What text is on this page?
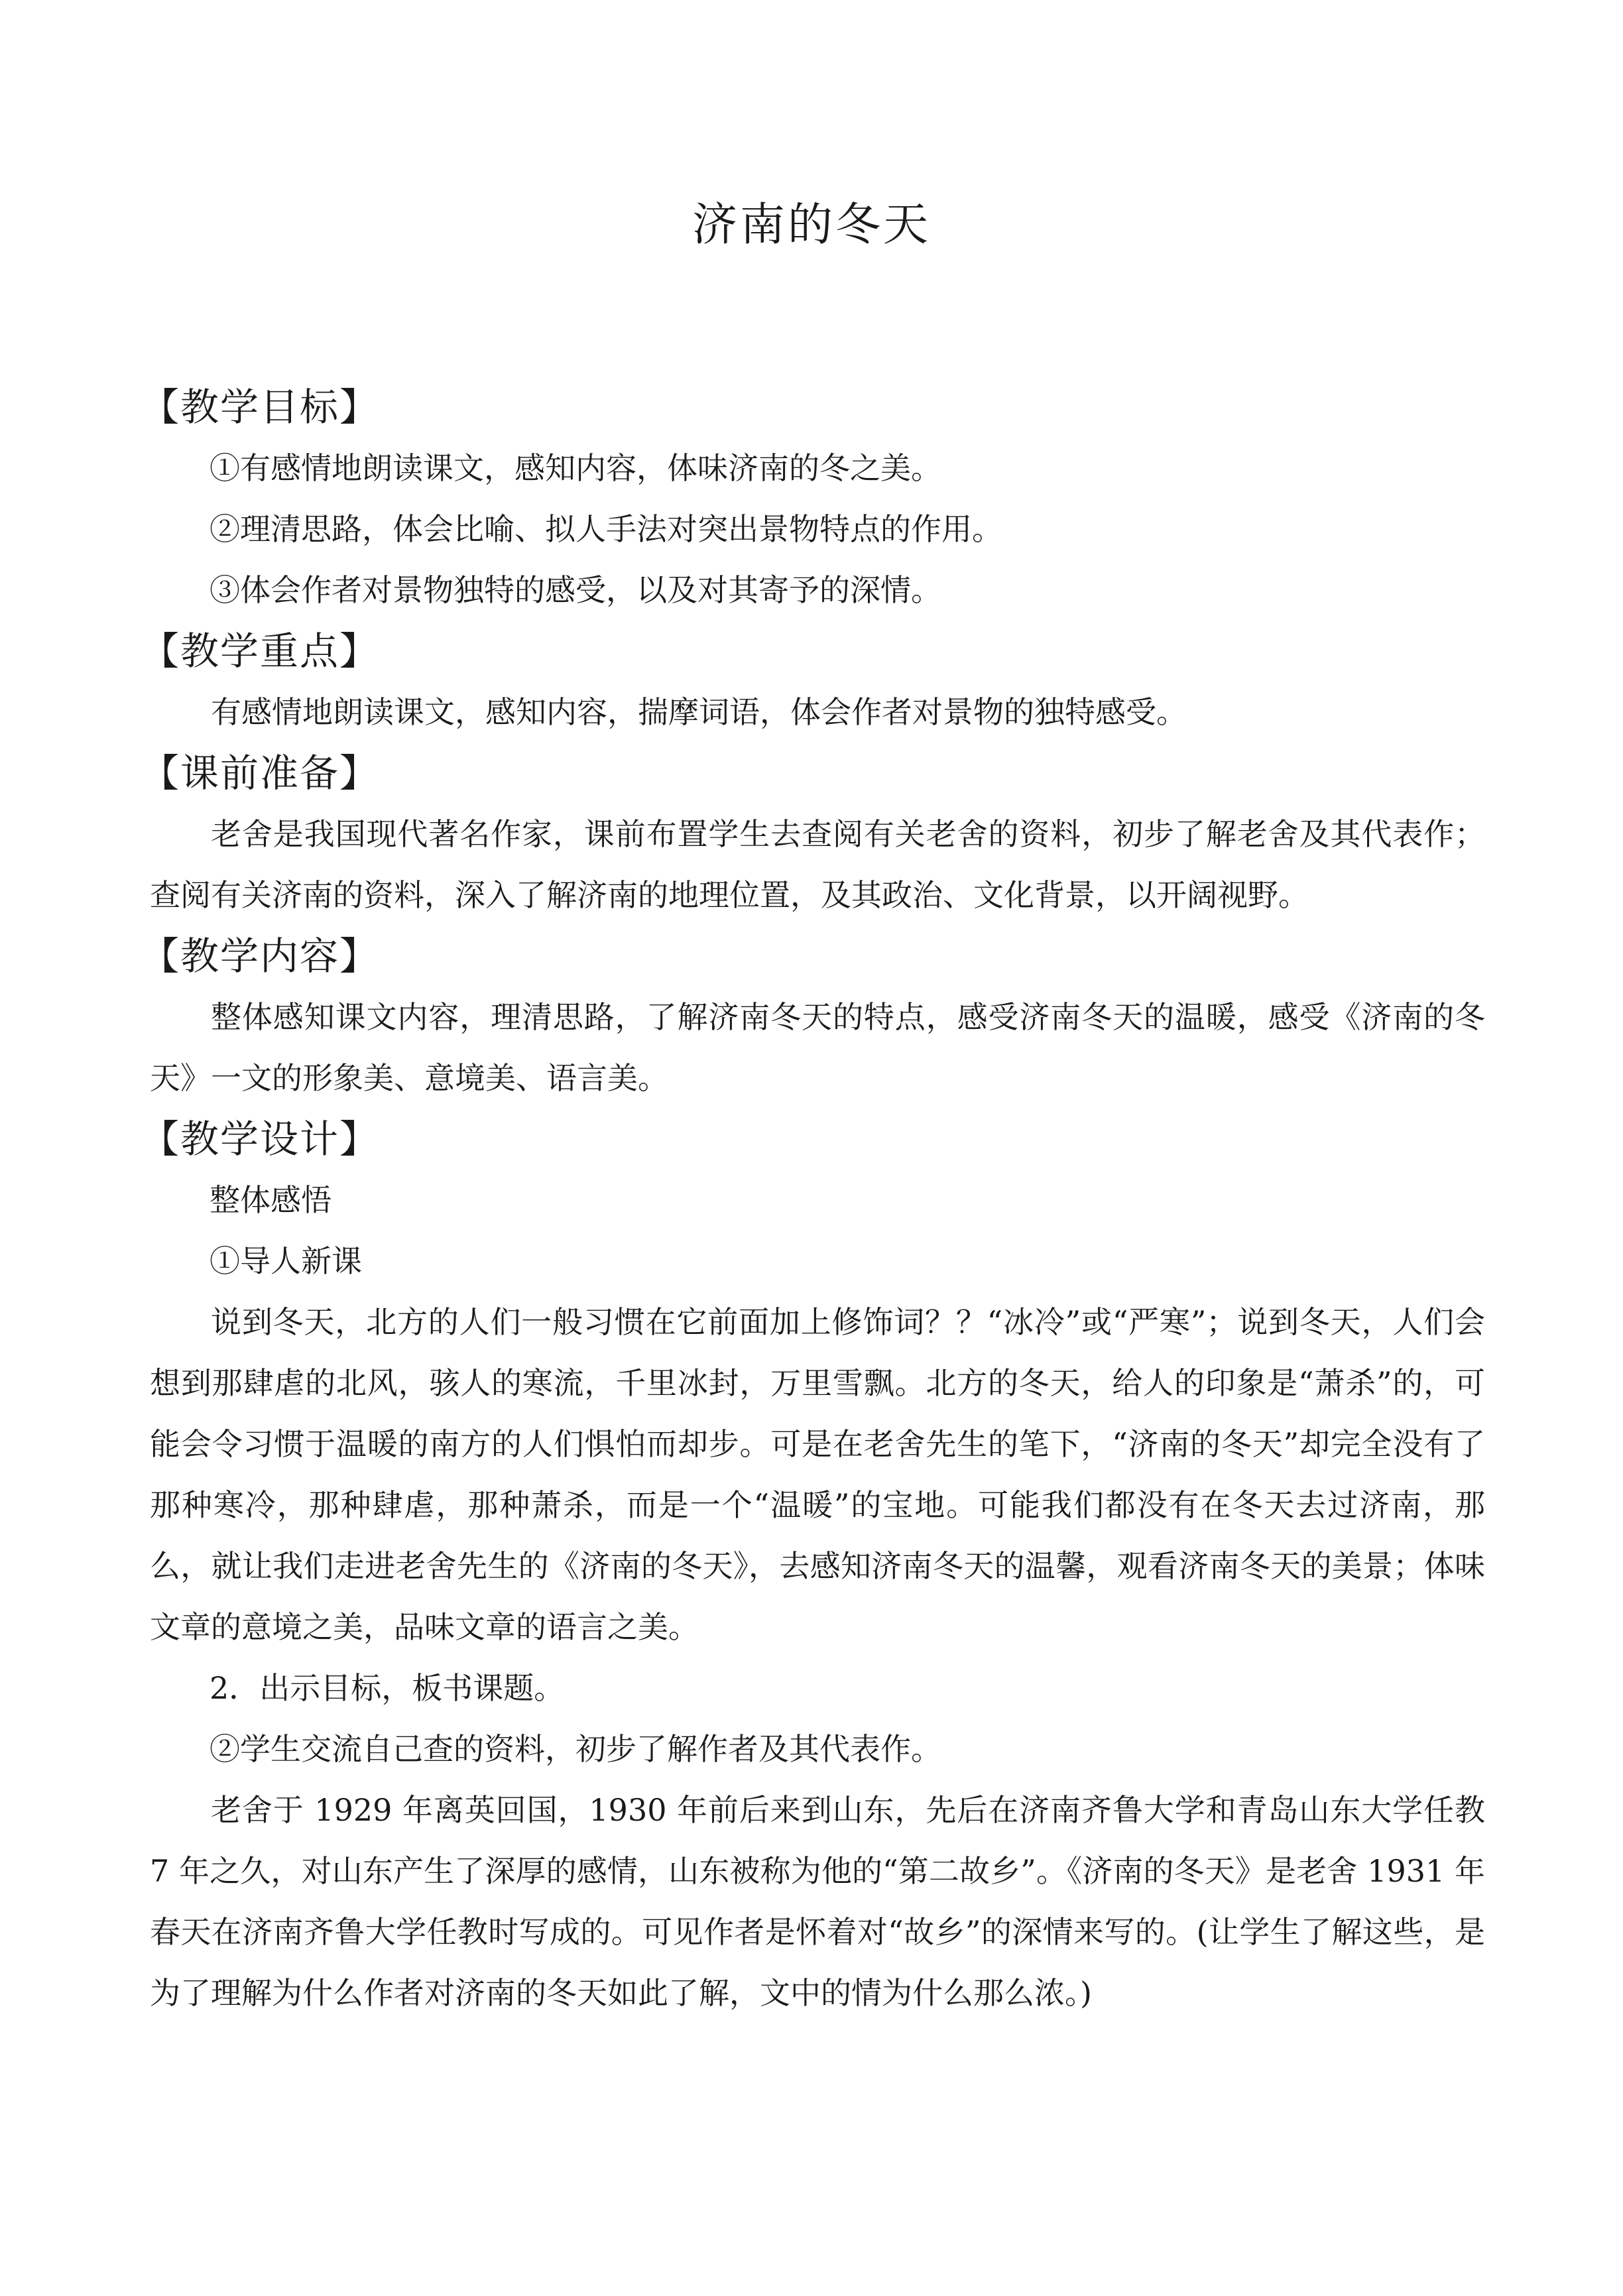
济南的冬天
【教学目标】

①有感情地朗读课文，感知内容，体味济南的冬之美。

②理清思路，体会比喻、拟人手法对突出景物特点的作用。

③体会作者对景物独特的感受，以及对其寄予的深情。

【教学重点】

有感情地朗读课文，感知内容，揣摩词语，体会作者对景物的独特感受。

【课前准备】

老舍是我国现代著名作家，课前布置学生去查阅有关老舍的资料，初步了解老舍及其代表作；查阅有关济南的资料，深入了解济南的地理位置，及其政治、文化背景，以开阔视野。

【教学内容】

整体感知课文内容，理清思路，了解济南冬天的特点，感受济南冬天的温暖，感受《济南的冬天》一文的形象美、意境美、语言美。

【教学设计】

整体感悟

①导人新课

说到冬天，北方的人们一般习惯在它前面加上修饰词？？“冰冷”或“严寒”；说到冬天，人们会想到那肆虐的北风，骇人的寒流，千里冰封，万里雪飘。北方的冬天，给人的印象是“萧杀”的，可能会令习惯于温暖的南方的人们惧怕而却步。可是在老舍先生的笔下，“济南的冬天”却完全没有了那种寒冷，那种肆虐，那种萧杀，而是一个“温暖”的宝地。可能我们都没有在冬天去过济南，那么，就让我们走进老舍先生的《济南的冬天》，去感知济南冬天的温馨，观看济南冬天的美景；体味文章的意境之美，品味文章的语言之美。

2．出示目标，板书课题。

②学生交流自己查的资料，初步了解作者及其代表作。

老舍于 1929 年离英回国，1930 年前后来到山东，先后在济南齐鲁大学和青岛山东大学任教 7 年之久，对山东产生了深厚的感情，山东被称为他的“第二故乡”。《济南的冬天》是老舍 1931 年春天在济南齐鲁大学任教时写成的。可见作者是怀着对“故乡”的深情来写的。(让学生了解这些，是为了理解为什么作者对济南的冬天如此了解，文中的情为什么那么浓。)
